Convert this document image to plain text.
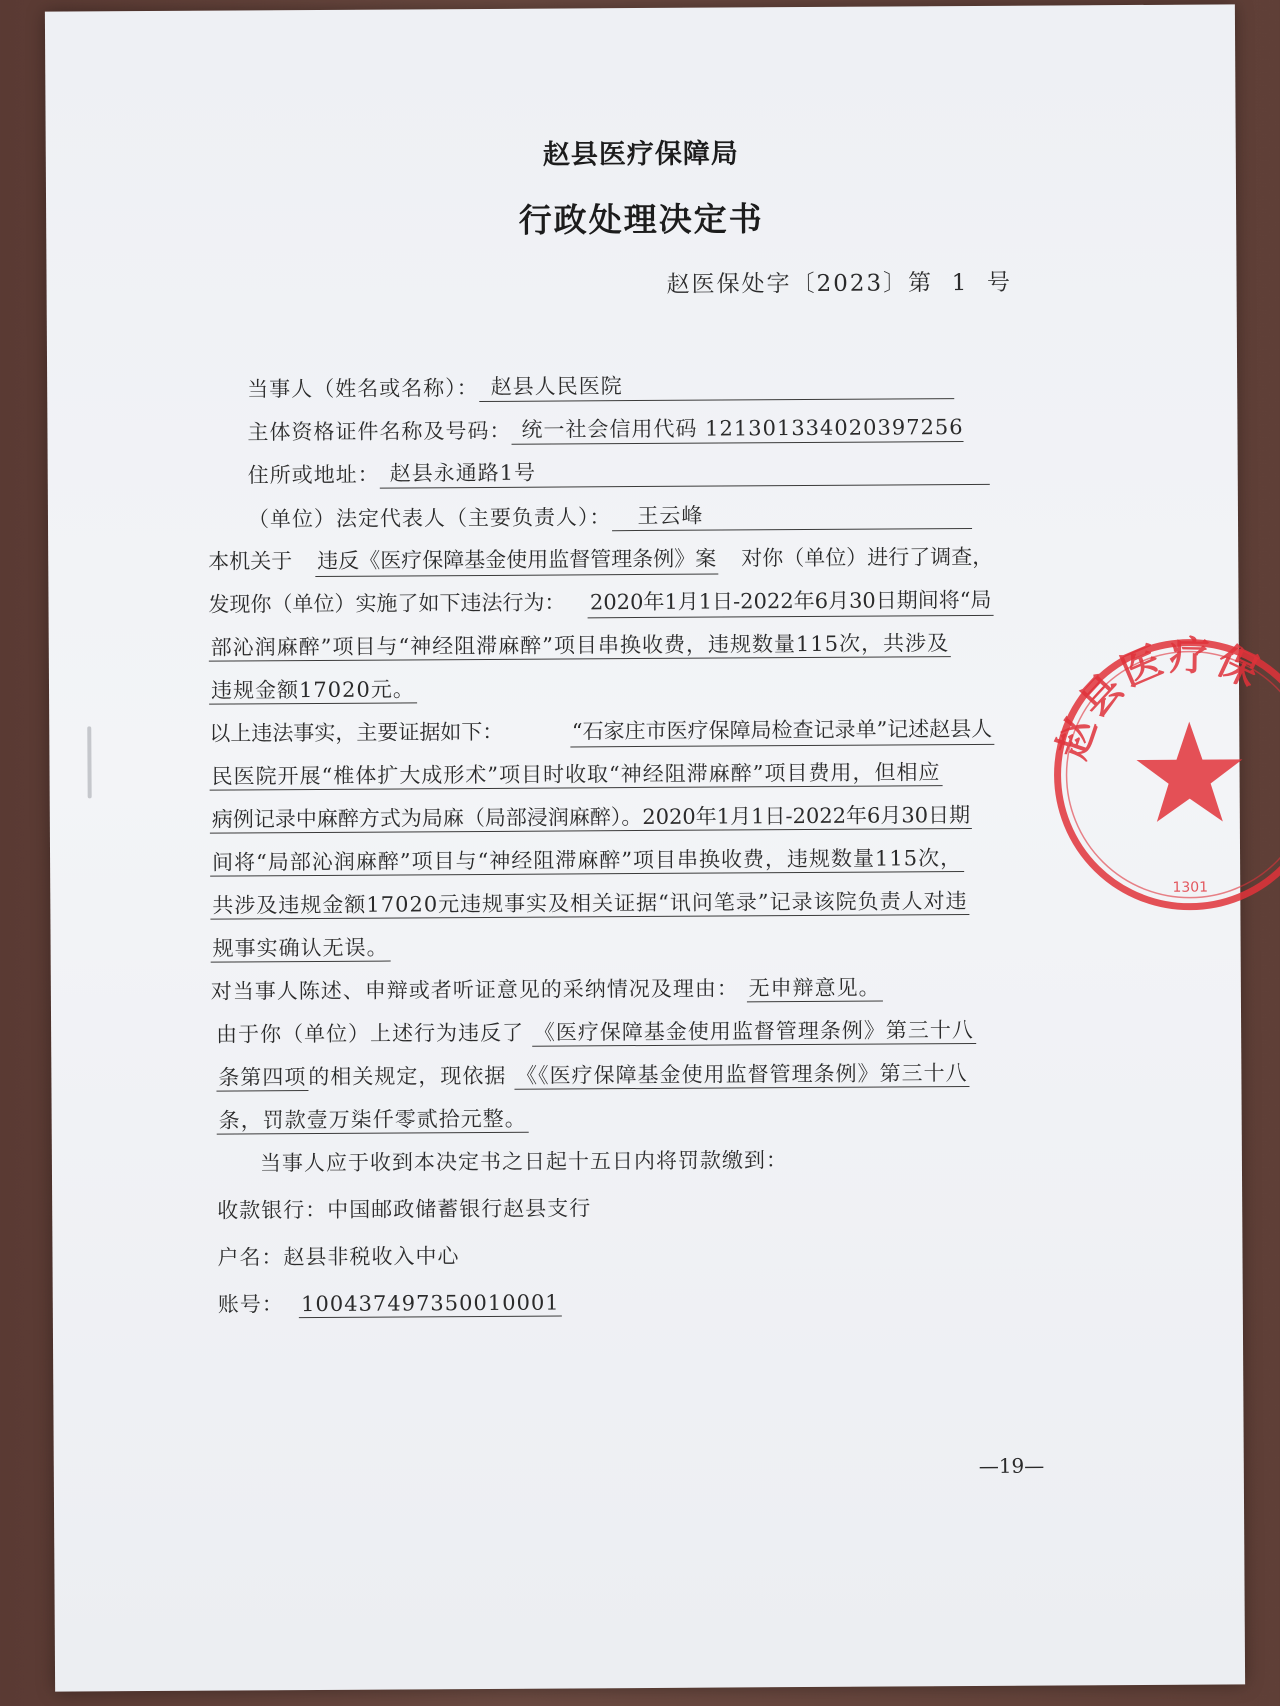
赵县医疗保障局
行政处理决定书
赵医保处字〔2023〕第  1  号
当事人（姓名或名称）： 赵县人民医院
主体资格证件名称及号码： 统一社会信用代码 121301334020397256
住所或地址： 赵县永通路1号
（单位）法定代表人（主要负责人）： 王云峰
本机关于 违反《医疗保障基金使用监督管理条例》案 对你（单位）进行了调查，
发现你（单位）实施了如下违法行为： 2020年1月1日-2022年6月30日期间将“局
部沁润麻醉”项目与“神经阻滞麻醉”项目串换收费，违规数量115次，共涉及
违规金额17020元。
以上违法事实，主要证据如下：	“石家庄市医疗保障局检查记录单”记述赵县人
民医院开展“椎体扩大成形术”项目时收取“神经阻滞麻醉”项目费用，但相应
病例记录中麻醉方式为局麻（局部浸润麻醉）。2020年1月1日-2022年6月30日期
间将“局部沁润麻醉”项目与“神经阻滞麻醉”项目串换收费，违规数量115次，
共涉及违规金额17020元违规事实及相关证据“讯问笔录”记录该院负责人对违
规事实确认无误。
对当事人陈述、申辩或者听证意见的采纳情况及理由： 无申辩意见。
由于你（单位）上述行为违反了 《医疗保障基金使用监督管理条例》第三十八
条第四项的相关规定，现依据 《《医疗保障基金使用监督管理条例》第三十八
条，罚款壹万柒仟零贰拾元整。
当事人应于收到本决定书之日起十五日内将罚款缴到：
收款银行：中国邮政储蓄银行赵县支行
户名：赵县非税收入中心
账号： 100437497350010001
—19—
赵县医疗保
1301
